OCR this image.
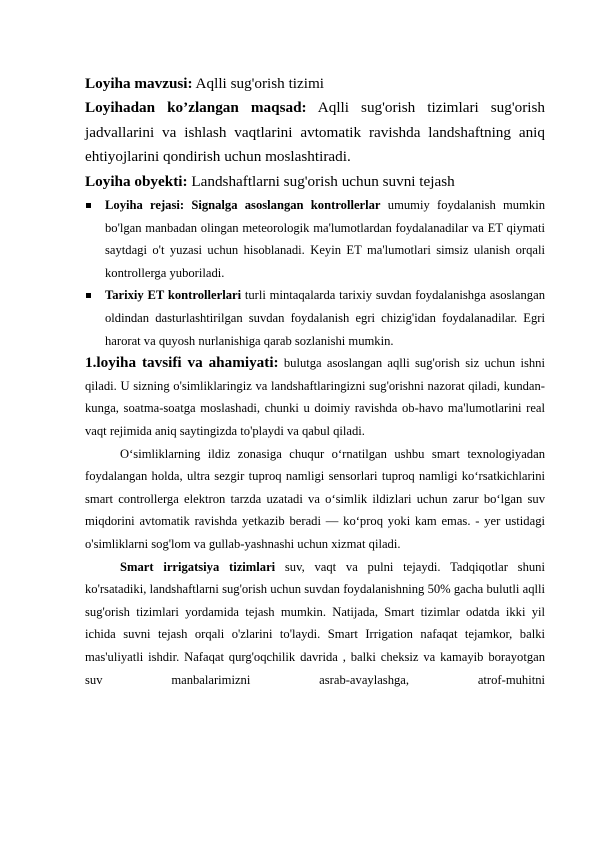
Loyiha mavzusi: Aqlli sug'orish tizimi

Loyihadan ko’zlangan maqsad: Aqlli sug'orish tizimlari sug'orish jadvallarini va ishlash vaqtlarini avtomatik ravishda landshaftning aniq ehtiyojlarini qondirish uchun moslashtiradi.

Loyiha obyekti: Landshaftlarni sug'orish uchun suvni tejash

Loyiha rejasi: Signalga asoslangan kontrollerlar umumiy foydalanish mumkin bo'lgan manbadan olingan meteorologik ma'lumotlardan foydalanadilar va ET qiymati saytdagi o't yuzasi uchun hisoblanadi. Keyin ET ma'lumotlari simsiz ulanish orqali kontrollerga yuboriladi.
Tarixiy ET kontrollerlari turli mintaqalarda tarixiy suvdan foydalanishga asoslangan oldindan dasturlashtirilgan suvdan foydalanish egri chizig'idan foydalanadilar. Egri harorat va quyosh nurlanishiga qarab sozlanishi mumkin.

1.loyiha tavsifi va ahamiyati: bulutga asoslangan aqlli sug'orish siz uchun ishni qiladi. U sizning o'simliklaringiz va landshaftlaringizni sug'orishni nazorat qiladi, kundan-kunga, soatma-soatga moslashadi, chunki u doimiy ravishda ob-havo ma'lumotlarini real vaqt rejimida aniq saytingizda to'playdi va qabul qiladi.

O‘simliklarning ildiz zonasiga chuqur o‘rnatilgan ushbu smart texnologiyadan foydalangan holda, ultra sezgir tuproq namligi sensorlari tuproq namligi ko‘rsatkichlarini smart controllerga elektron tarzda uzatadi va o‘simlik ildizlari uchun zarur bo‘lgan suv miqdorini avtomatik ravishda yetkazib beradi — ko‘proq yoki kam emas. - yer ustidagi o'simliklarni sog'lom va gullab-yashnashi uchun xizmat qiladi.

Smart irrigatsiya tizimlari suv, vaqt va pulni tejaydi. Tadqiqotlar shuni ko'rsatadiki, landshaftlarni sug'orish uchun suvdan foydalanishning 50% gacha bulutli aqlli sug'orish tizimlari yordamida tejash mumkin. Natijada, Smart tizimlar odatda ikki yil ichida suvni tejash orqali o'zlarini to'laydi. Smart Irrigation nafaqat tejamkor, balki mas'uliyatli ishdir. Nafaqat qurg'oqchilik davrida , balki cheksiz va kamayib borayotgan suv manbalarimizni asrab-avaylashga, atrof-muhitni
